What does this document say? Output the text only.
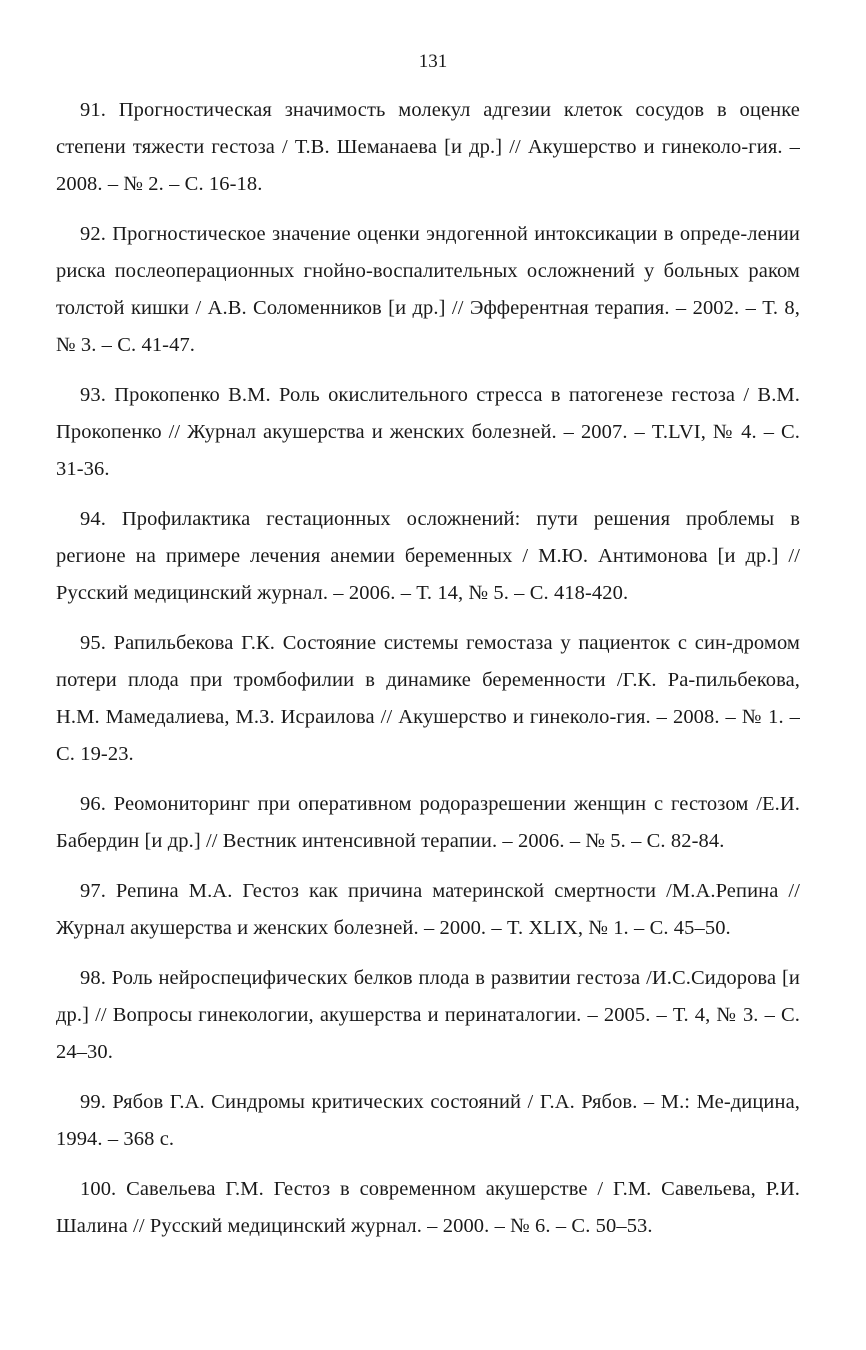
131

91. Прогностическая значимость молекул адгезии клеток сосудов в оценке степени тяжести гестоза / Т.В. Шеманаева [и др.] // Акушерство и гинеколо-гия. – 2008. – № 2. – С. 16-18.

92. Прогностическое значение оценки эндогенной интоксикации в опреде-лении риска послеоперационных гнойно-воспалительных осложнений у больных раком толстой кишки / А.В. Соломенников [и др.] // Эфферентная терапия. – 2002. – Т. 8, № 3. – С. 41-47.

93. Прокопенко В.М. Роль окислительного стресса в патогенезе гестоза / В.М. Прокопенко // Журнал акушерства и женских болезней. – 2007. – T.LVI, № 4. – С. 31-36.

94. Профилактика гестационных осложнений: пути решения проблемы в регионе на примере лечения анемии беременных / М.Ю. Антимонова [и др.] // Русский медицинский журнал. – 2006. – Т. 14, № 5. – С. 418-420.

95. Рапильбекова Г.К. Состояние системы гемостаза у пациенток с син-дромом потери плода при тромбофилии в динамике беременности /Г.К. Ра-пильбекова, Н.М. Мамедалиева, М.З. Исраилова // Акушерство и гинеколо-гия. – 2008. – № 1. – С. 19-23.

96. Реомониторинг при оперативном родоразрешении женщин с гестозом /Е.И. Бабердин [и др.] // Вестник интенсивной терапии. – 2006. – № 5. – С. 82-84.

97. Репина М.А. Гестоз как причина материнской смертности /М.А.Репина // Журнал акушерства и женских болезней. – 2000. – T. XLIX, № 1. – С. 45–50.

98. Роль нейроспецифических белков плода в развитии гестоза /И.С.Сидорова [и др.] // Вопросы гинекологии, акушерства и перинаталогии. – 2005. – Т. 4, № 3. – С. 24–30.

99. Рябов Г.А. Синдромы критических состояний / Г.А. Рябов. – М.: Ме-дицина, 1994. – 368 с.

100. Савельева Г.М. Гестоз в современном акушерстве / Г.М. Савельева, Р.И. Шалина // Русский медицинский журнал. – 2000. – № 6. – С. 50–53.
